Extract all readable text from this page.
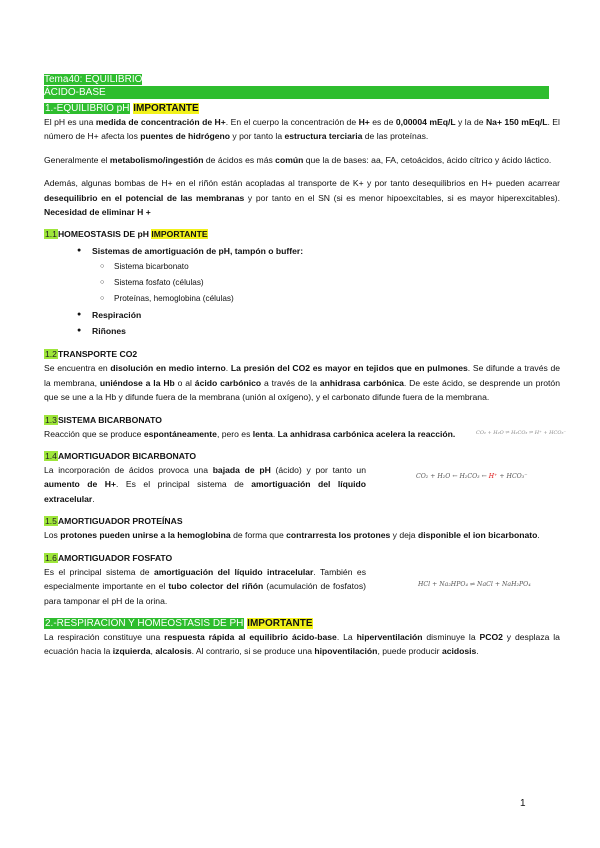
Tema40: EQUILIBRIO
ÁCIDO-BASE
1.-EQUILIBRIO pH IMPORTANTE

El pH es una medida de concentración de H+. En el cuerpo la concentración de H+ es de 0,00004 mEq/L y la de Na+ 150 mEq/L. El número de H+ afecta los puentes de hidrógeno y por tanto la estructura terciaria de las proteínas.

Generalmente el metabolismo/ingestión de ácidos es más común que la de bases: aa, FA, cetoácidos, ácido cítrico y ácido láctico.

Además, algunas bombas de H+ en el riñón están acopladas al transporte de K+ y por tanto desequilibrios en H+ pueden acarrear desequilibrio en el potencial de las membranas y por tanto en el SN (si es menor hipoexcitables, si es mayor hiperexcitables). Necesidad de eliminar H +

1.1HOMEOSTASIS DE pH IMPORTANTE
● Sistemas de amortiguación de pH, tampón o buffer:
○ Sistema bicarbonato
○ Sistema fosfato (células)
○ Proteínas, hemoglobina (células)
● Respiración
● Riñones
1.2TRANSPORTE CO2

Se encuentra en disolución en medio interno. La presión del CO2 es mayor en tejidos que en pulmones. Se difunde a través de la membrana, uniéndose a la Hb o al ácido carbónico a través de la anhidrasa carbónica. De este ácido, se desprende un protón que se une a la Hb y difunde fuera de la membrana (unión al oxígeno), y el carbonato difunde fuera de la membrana.

1.3SISTEMA BICARBONATO

Reacción que se produce espontáneamente, pero es lenta. La anhidrasa carbónica acelera la reacción.	CO₂ + H₂O ⇌ H₂CO₃ ⇌ H⁺ + HCO₃⁻
1.4AMORTIGUADOR BICARBONATO

La incorporación de ácidos provoca una bajada de pH (ácido) y por tanto un aumento de H+. Es el principal sistema de amortiguación del líquido extracelular.

CO₂ + H₂O ← H₂CO₃ ← H⁺ + HCO₃⁻
1.5AMORTIGUADOR PROTEÍNAS

Los protones pueden unirse a la hemoglobina de forma que contrarresta los protones y deja disponible el ion bicarbonato.

1.6AMORTIGUADOR FOSFATO

Es el principal sistema de amortiguación del líquido intracelular. También es especialmente importante en el tubo colector del riñón (acumulación de fosfatos) para tamponar el pH de la orina.

HCl + Na₂HPO₄ ⇌ NaCl + NaH₂PO₄
2.-RESPIRACIÓN Y HOMEOSTASIS DE PH IMPORTANTE

La respiración constituye una respuesta rápida al equilibrio ácido-base. La hiperventilación disminuye la PCO2 y desplaza la ecuación hacia la izquierda, alcalosis. Al contrario, si se produce una hipoventilación, puede producir acidosis.

1
